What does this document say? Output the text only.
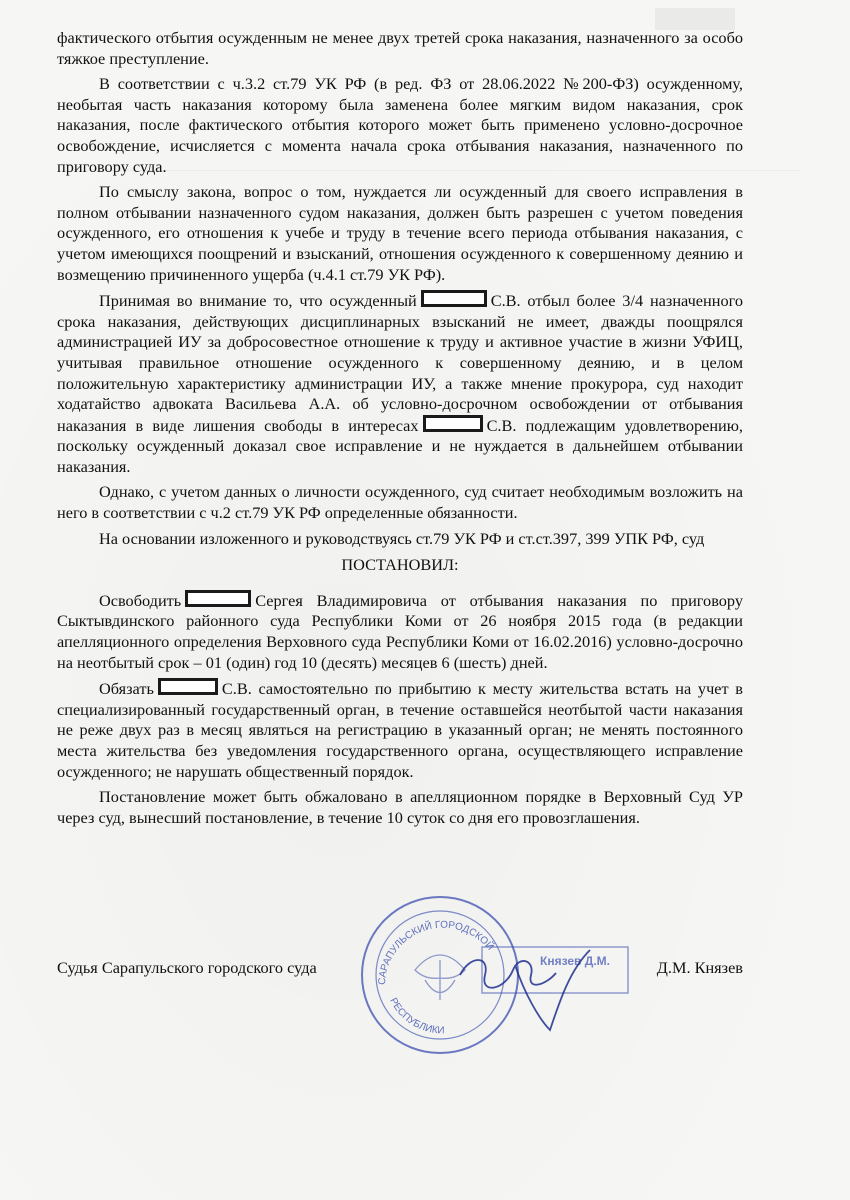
фактического отбытия осужденным не менее двух третей срока наказания, назначенного за особо тяжкое преступление.

В соответствии с ч.3.2 ст.79 УК РФ (в ред. ФЗ от 28.06.2022 №200-ФЗ) осужденному, необытая часть наказания которому была заменена более мягким видом наказания, срок наказания, после фактического отбытия которого может быть применено условно-досрочное освобождение, исчисляется с момента начала срока отбывания наказания, назначенного по приговору суда.

По смыслу закона, вопрос о том, нуждается ли осужденный для своего исправления в полном отбывании назначенного судом наказания, должен быть разрешен с учетом поведения осужденного, его отношения к учебе и труду в течение всего периода отбывания наказания, с учетом имеющихся поощрений и взысканий, отношения осужденного к совершенному деянию и возмещению причиненного ущерба (ч.4.1 ст.79 УК РФ).

Принимая во внимание то, что осужденный	С.В. отбыл более 3/4 назначенного срока наказания, действующих дисциплинарных взысканий не имеет, дважды поощрялся администрацией ИУ за добросовестное отношение к труду и активное участие в жизни УФИЦ, учитывая правильное отношение осужденного к совершенному деянию, и в целом положительную характеристику администрации ИУ, а также мнение прокурора, суд находит ходатайство адвоката Васильева А.А. об условно-досрочном освобождении от отбывания наказания в виде лишения свободы в интересах	С.В. подлежащим удовлетворению, поскольку осужденный доказал свое исправление и не нуждается в дальнейшем отбывании наказания.

Однако, с учетом данных о личности осужденного, суд считает необходимым возложить на него в соответствии с ч.2 ст.79 УК РФ определенные обязанности.

На основании изложенного и руководствуясь ст.79 УК РФ и ст.ст.397, 399 УПК РФ, суд

ПОСТАНОВИЛ:

Освободить	Сергея Владимировича от отбывания наказания по приговору Сыктывдинского районного суда Республики Коми от 26 ноября 2015 года (в редакции апелляционного определения Верховного суда Республики Коми от 16.02.2016) условно-досрочно на неотбытый срок – 01 (один) год 10 (десять) месяцев 6 (шесть) дней.

Обязать	С.В. самостоятельно по прибытию к месту жительства встать на учет в специализированный государственный орган, в течение оставшейся неотбытой части наказания не реже двух раз в месяц являться на регистрацию в указанный орган; не менять постоянного места жительства без уведомления государственного органа, осуществляющего исправление осужденного; не нарушать общественный порядок.

Постановление может быть обжаловано в апелляционном порядке в Верховный Суд УР через суд, вынесший постановление, в течение 10 суток со дня его провозглашения.

САРАПУЛЬСКИЙ ГОРОДСКОЙ
РЕСПУБЛИКИ
Князев Д.М.
Судья Сарапульского городского суда	Д.М. Князев
